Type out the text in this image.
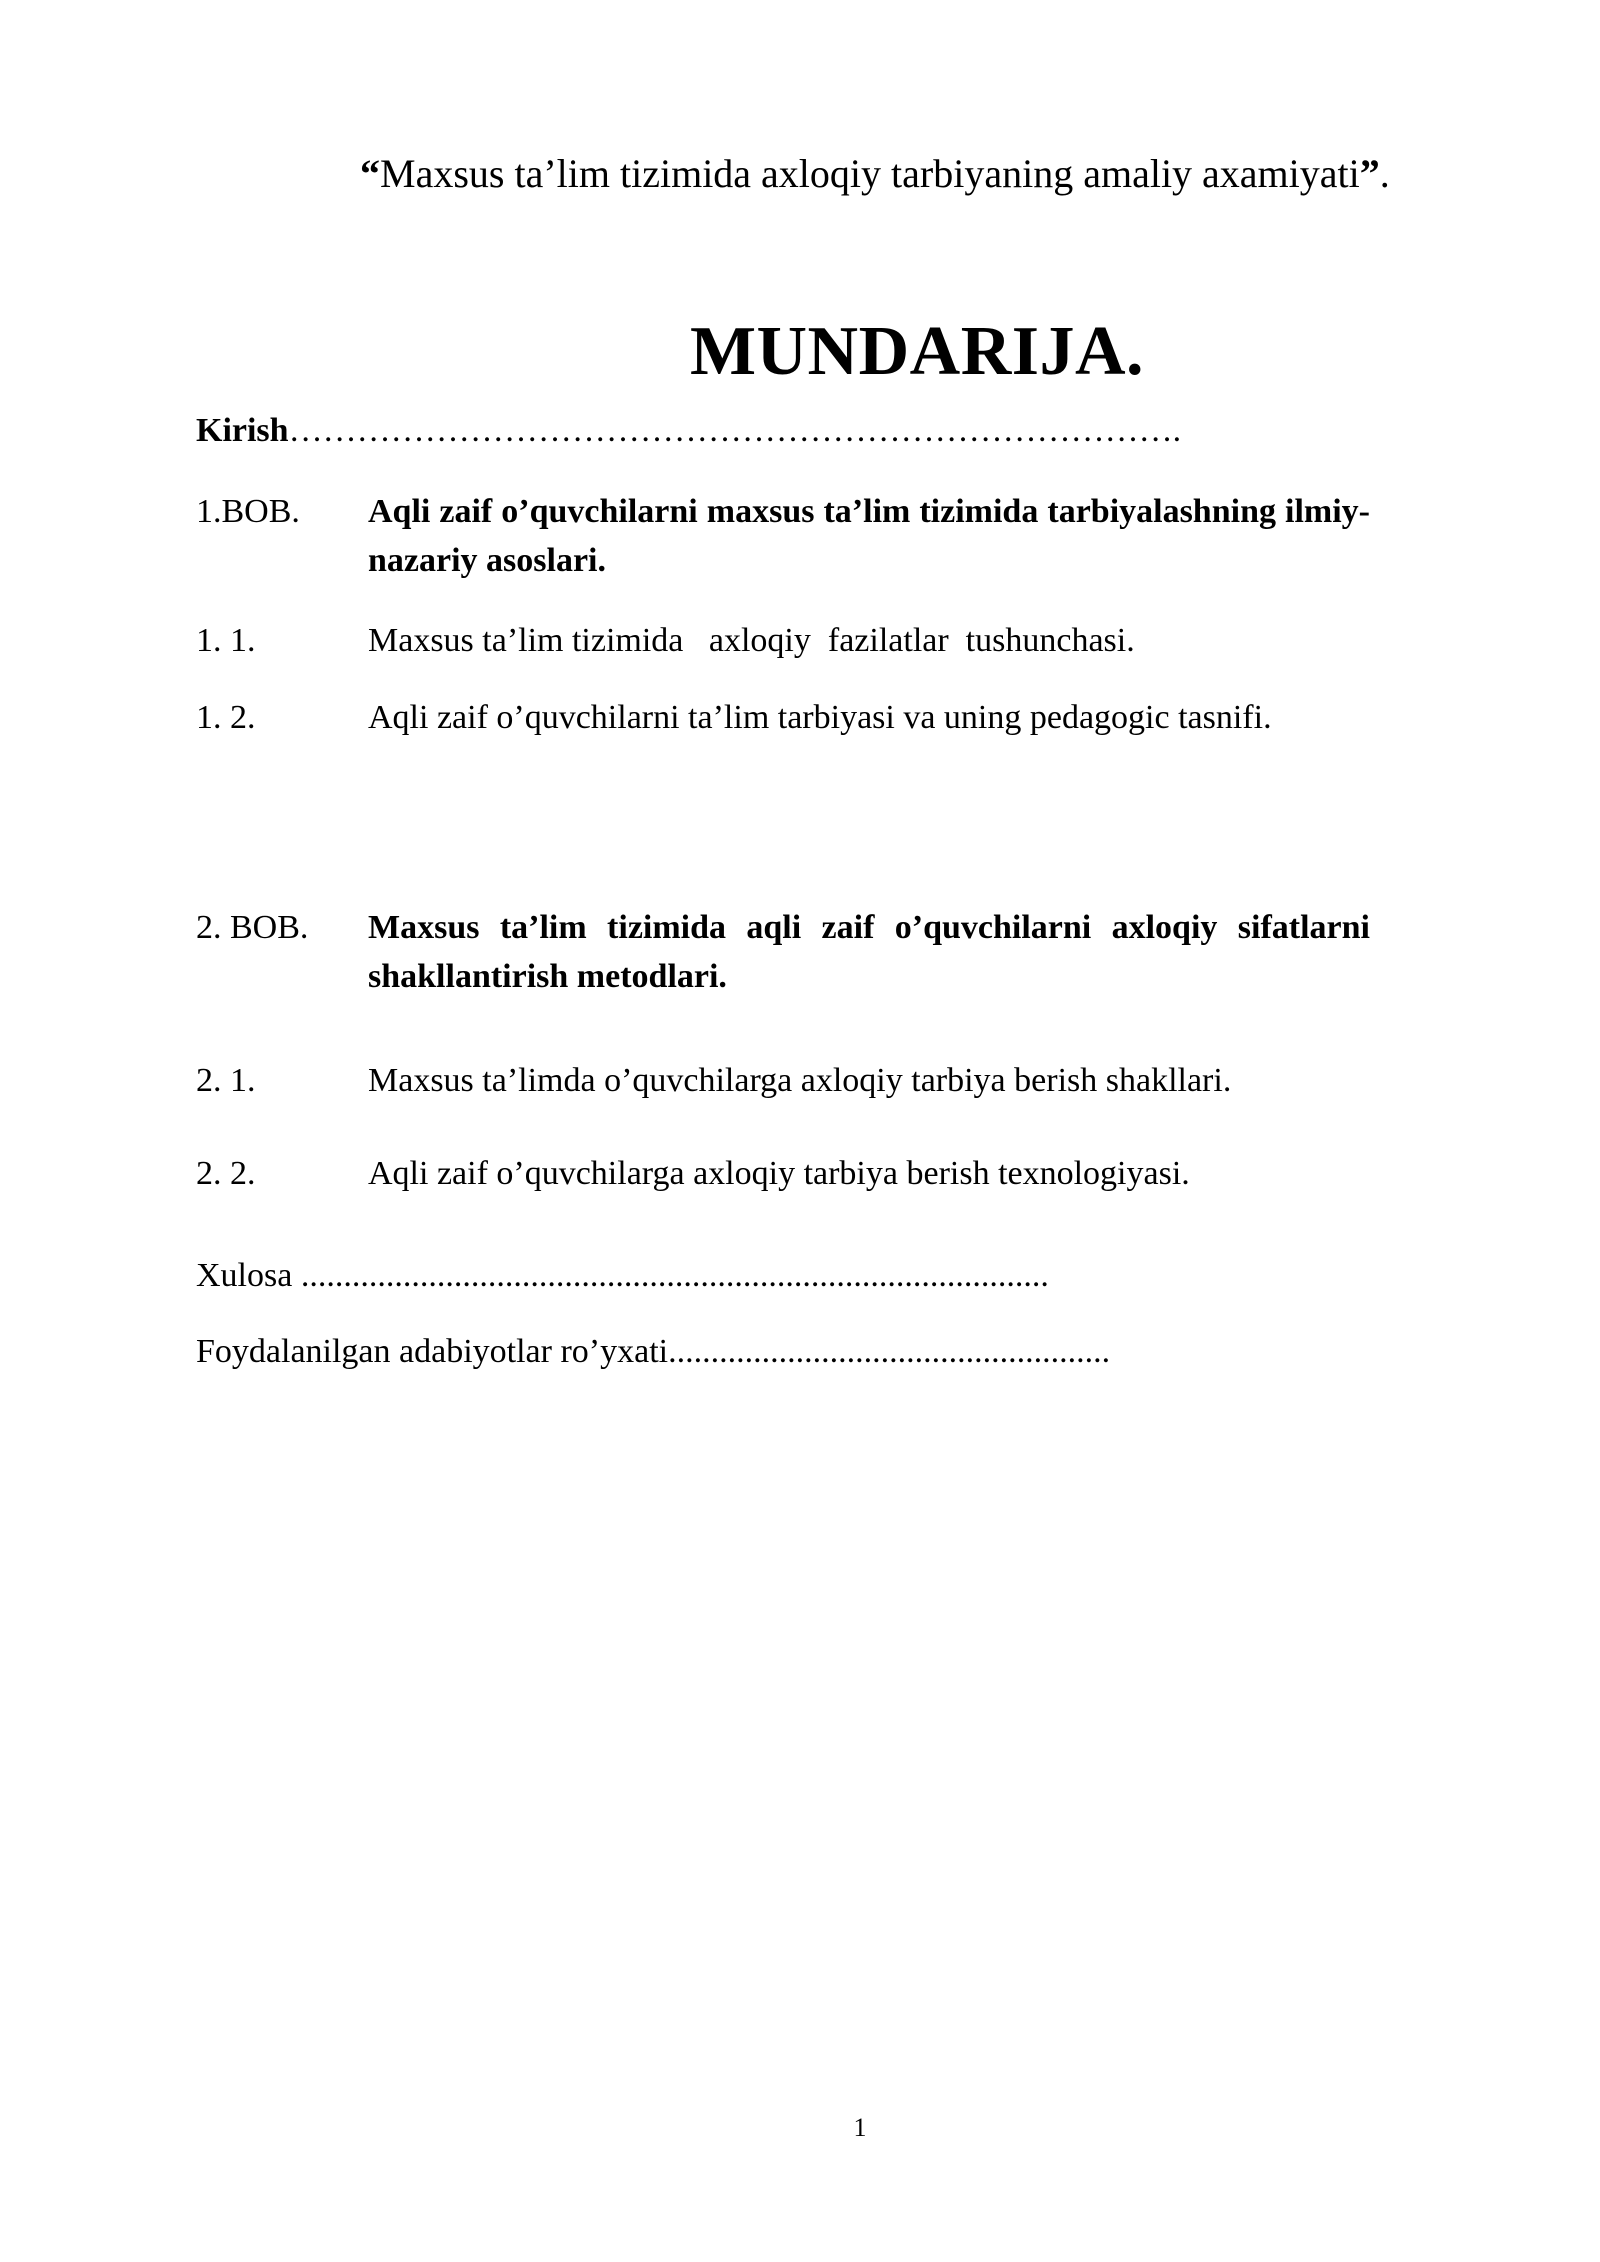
“Maxsus ta’lim tizimida axloqiy tarbiyaning amaliy axamiyati”.
MUNDARIJA.
Kirish…………………………………………………………………….
1.BOB. Aqli zaif o’quvchilarni maxsus ta’lim tizimida tarbiyalashning ilmiy-nazariy asoslari.
1. 1.	Maxsus ta’lim tizimida   axloqiy  fazilatlar  tushunchasi.
1. 2.	Aqli zaif o’quvchilarni ta’lim tarbiyasi va uning pedagogic tasnifi.
2. BOB. Maxsus ta’lim tizimida aqli zaif o’quvchilarni axloqiy sifatlarni shakllantirish metodlari.
2. 1.	Maxsus ta’limda o’quvchilarga axloqiy tarbiya berish shakllari.
2. 2.	Aqli zaif o’quvchilarga axloqiy tarbiya berish texnologiyasi.
Xulosa ........................................................................................
Foydalanilgan adabiyotlar ro’yxati....................................................
1
